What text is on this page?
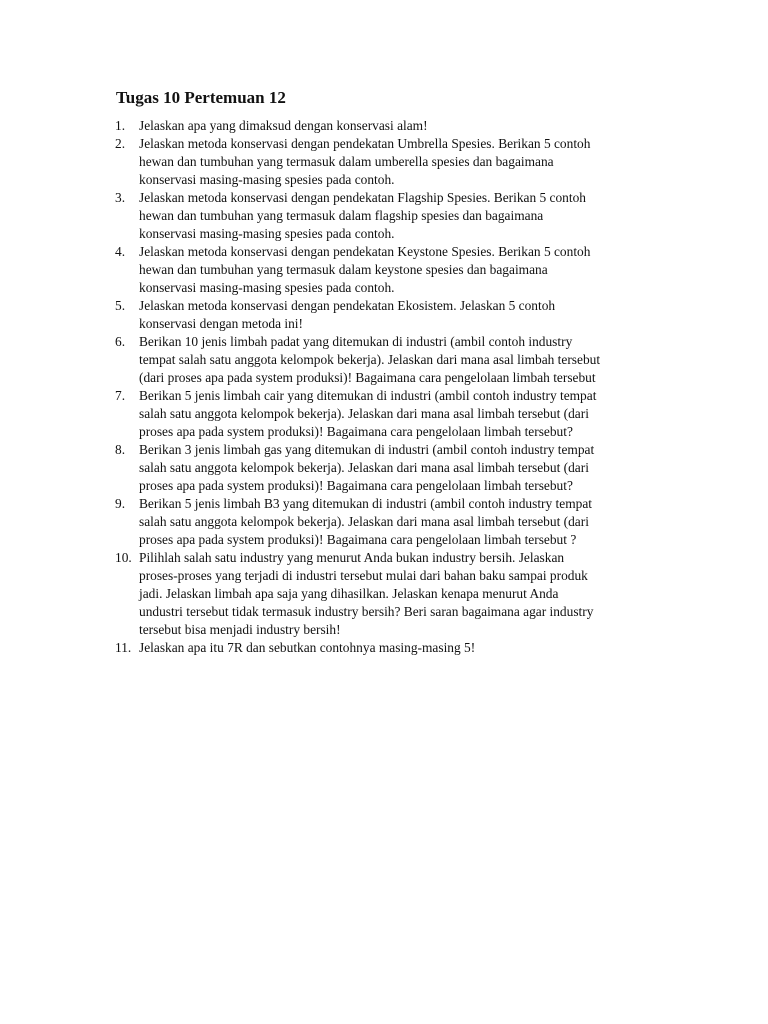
Tugas 10 Pertemuan 12
1.	Jelaskan apa yang dimaksud dengan konservasi alam!
2.	Jelaskan metoda konservasi dengan pendekatan Umbrella Spesies. Berikan 5 contoh
hewan dan tumbuhan yang termasuk dalam umberella spesies dan bagaimana
konservasi masing-masing spesies pada contoh.
3.	Jelaskan metoda konservasi dengan pendekatan Flagship Spesies. Berikan 5 contoh
hewan dan tumbuhan yang termasuk dalam flagship spesies dan bagaimana
konservasi masing-masing spesies pada contoh.
4.	Jelaskan metoda konservasi dengan pendekatan Keystone Spesies. Berikan 5 contoh
hewan dan tumbuhan yang termasuk dalam keystone spesies dan bagaimana
konservasi masing-masing spesies pada contoh.
5.	Jelaskan metoda konservasi dengan pendekatan Ekosistem. Jelaskan 5 contoh
konservasi dengan metoda ini!
6.	Berikan 10 jenis limbah padat yang ditemukan di industri (ambil contoh industry
tempat salah satu anggota kelompok bekerja). Jelaskan dari mana asal limbah tersebut
(dari proses apa pada system produksi)! Bagaimana cara pengelolaan limbah tersebut
7.	Berikan 5 jenis limbah cair yang ditemukan di industri (ambil contoh industry tempat
salah satu anggota kelompok bekerja). Jelaskan dari mana asal limbah tersebut (dari
proses apa pada system produksi)! Bagaimana cara pengelolaan limbah tersebut?
8.	Berikan 3 jenis limbah gas yang ditemukan di industri (ambil contoh industry tempat
salah satu anggota kelompok bekerja). Jelaskan dari mana asal limbah tersebut (dari
proses apa pada system produksi)! Bagaimana cara pengelolaan limbah tersebut?
9.	Berikan 5 jenis limbah B3 yang ditemukan di industri (ambil contoh industry tempat
salah satu anggota kelompok bekerja). Jelaskan dari mana asal limbah tersebut (dari
proses apa pada system produksi)! Bagaimana cara pengelolaan limbah tersebut ?
10. Pilihlah salah satu industry yang menurut Anda bukan industry bersih. Jelaskan
proses-proses yang terjadi di industri tersebut mulai dari bahan baku sampai produk
jadi. Jelaskan limbah apa saja yang dihasilkan. Jelaskan kenapa menurut Anda
undustri tersebut tidak termasuk industry bersih? Beri saran bagaimana agar industry
tersebut bisa menjadi industry bersih!
11. Jelaskan apa itu 7R dan sebutkan contohnya masing-masing 5!
